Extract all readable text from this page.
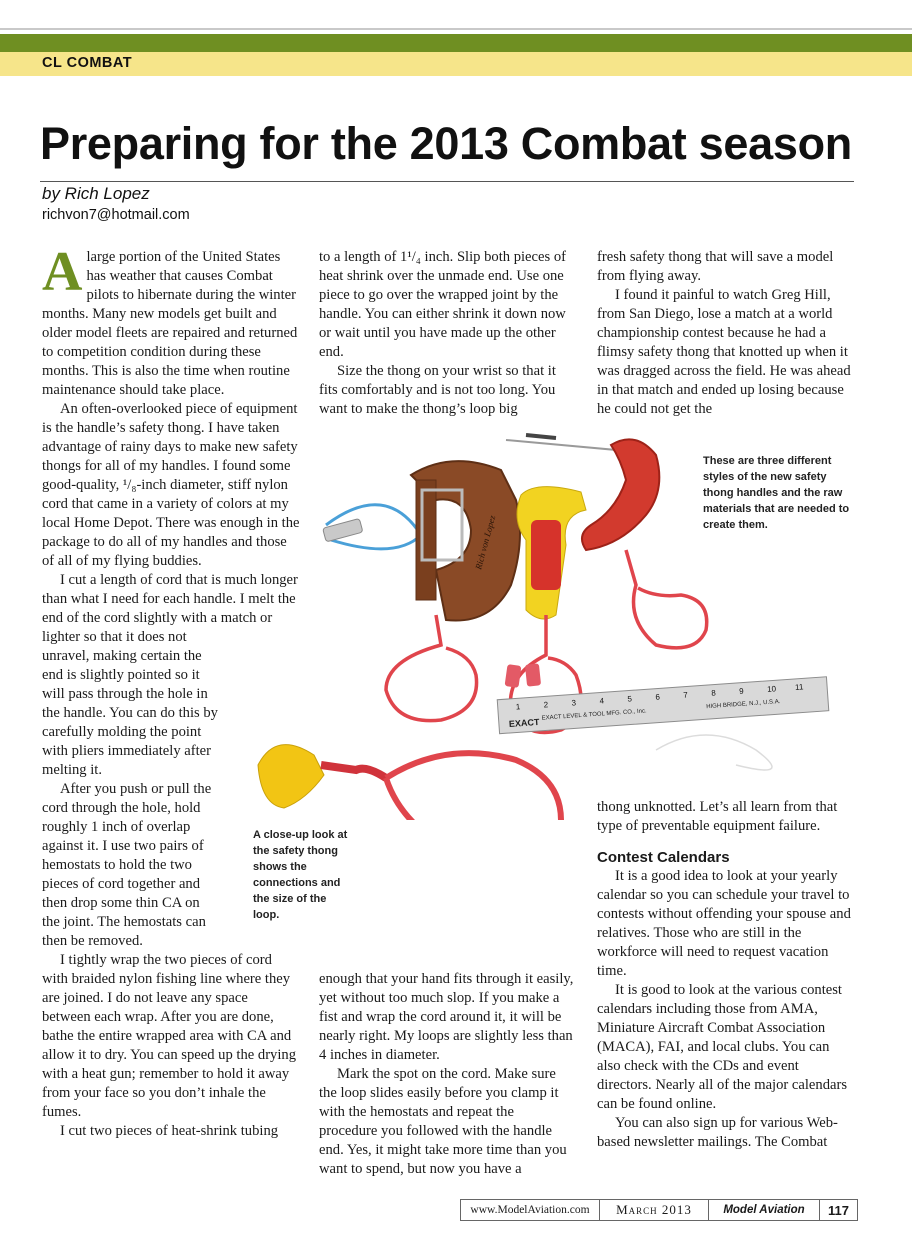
CL COMBAT
Preparing for the 2013 Combat season
by Rich Lopez
richvon7@hotmail.com

Alarge portion of the United States has weather that causes Combat pilots to hibernate during the winter months. Many new models get built and older model fleets are repaired and returned to competition condition during these months. This is also the time when routine maintenance should take place.

An often-overlooked piece of equipment is the handle’s safety thong. I have taken advantage of rainy days to make new safety thongs for all of my handles. I found some good-quality, ¹/₈-inch diameter, stiff nylon cord that came in a variety of colors at my local Home Depot. There was enough in the package to do all of my handles and those of all of my flying buddies.

I cut a length of cord that is much longer than what I need for each handle. I melt the end of the cord slightly with a match or lighter so that it does not

unravel, making certain the end is slightly pointed so it will pass through the hole in the handle. You can do this by carefully molding the point with pliers immediately after melting it.

After you push or pull the cord through the hole, hold roughly 1 inch of overlap against it. I use two pairs of hemostats to hold the two pieces of cord together and then drop some thin CA on the joint. The hemostats can then be removed.

I tightly wrap the two pieces of cord with braided nylon fishing line where they are joined. I do not leave any space between each wrap. After you are done, bathe the entire wrapped area with CA and allow it to dry. You can speed up the drying with a heat gun; remember to hold it away from your face so you don’t inhale the fumes.

I cut two pieces of heat-shrink tubing

to a length of 1¹/₄ inch. Slip both pieces of heat shrink over the unmade end. Use one piece to go over the wrapped joint by the handle. You can either shrink it down now or wait until you have made up the other end.

Size the thong on your wrist so that it fits comfortably and is not too long. You want to make the thong’s loop big

enough that your hand fits through it easily, yet without too much slop. If you make a fist and wrap the cord around it, it will be nearly right. My loops are slightly less than 4 inches in diameter.

Mark the spot on the cord. Make sure the loop slides easily before you clamp it with the hemostats and repeat the procedure you followed with the handle end. Yes, it might take more time than you want to spend, but now you have a

fresh safety thong that will save a model from flying away.

I found it painful to watch Greg Hill, from San Diego, lose a match at a world championship contest because he had a flimsy safety thong that knotted up when it was dragged across the field. He was ahead in that match and ended up losing because he could not get the

thong unknotted. Let’s all learn from that type of preventable equipment failure.

Contest Calendars

It is a good idea to look at your yearly calendar so you can schedule your travel to contests without offending your spouse and relatives. Those who are still in the workforce will need to request vacation time.

It is good to look at the various contest calendars including those from AMA, Miniature Aircraft Combat Association (MACA), FAI, and local clubs. You can also check with the CDs and event directors. Nearly all of the major calendars can be found online.

You can also sign up for various Web-based newsletter mailings. The Combat

Rich von Lopez
EXACT
EXACT LEVEL & TOOL MFG. CO., Inc.
HIGH BRIDGE, N.J., U.S.A.
1	2	3	4	5	6	7	8	9	10 11
These are three different styles of the new safety thong handles and the raw materials that are needed to create them.
A close-up look at the safety thong shows the connections and the size of the loop.
www.ModelAviation.com	March 2013	Model Aviation	117
